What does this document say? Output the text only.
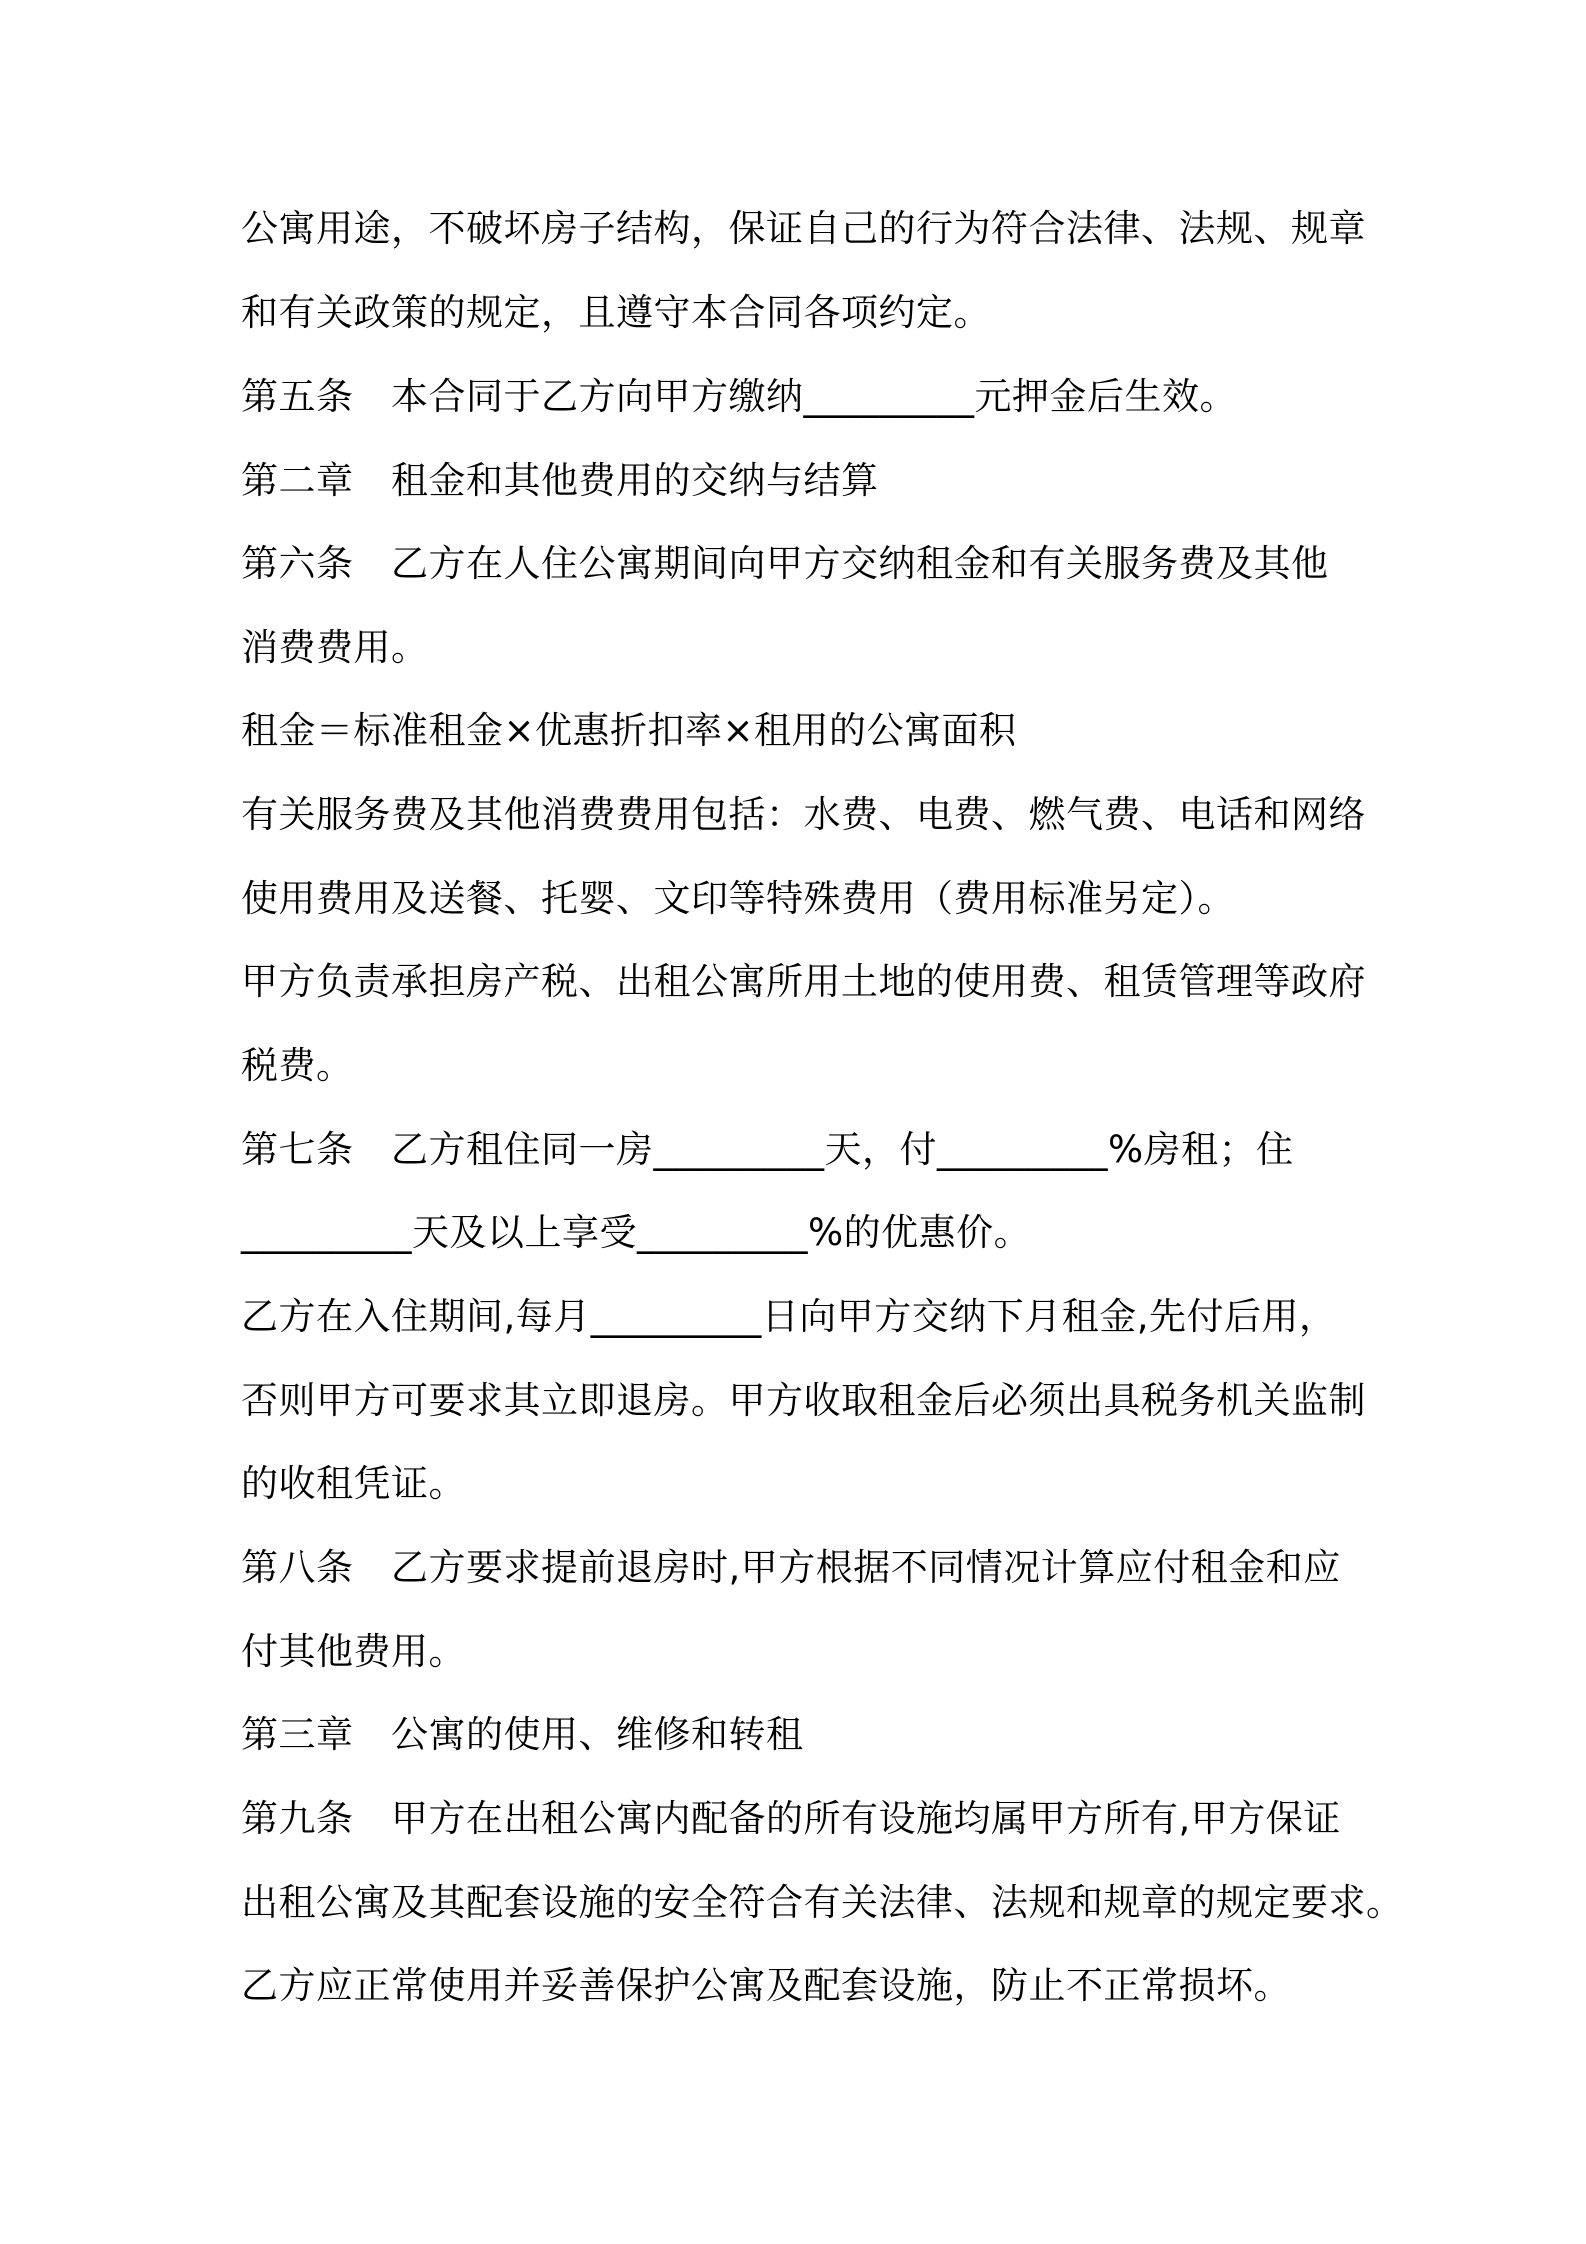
公寓用途，不破坏房子结构，保证自己的行为符合法律、法规、规章
和有关政策的规定，且遵守本合同各项约定。
第五条　本合同于乙方向甲方缴纳_________元押金后生效。
第二章　租金和其他费用的交纳与结算
第六条　乙方在人住公寓期间向甲方交纳租金和有关服务费及其他
消费费用。
租金＝标准租金×优惠折扣率×租用的公寓面积
有关服务费及其他消费费用包括：水费、电费、燃气费、电话和网络
使用费用及送餐、托婴、文印等特殊费用（费用标准另定）。
甲方负责承担房产税、出租公寓所用土地的使用费、租赁管理等政府
税费。
第七条　乙方租住同一房_________天，付_________%房租；住
_________天及以上享受_________%的优惠价。
乙方在入住期间,每月_________日向甲方交纳下月租金,先付后用，
否则甲方可要求其立即退房。甲方收取租金后必须出具税务机关监制
的收租凭证。
第八条　乙方要求提前退房时,甲方根据不同情况计算应付租金和应
付其他费用。
第三章　公寓的使用、维修和转租
第九条　甲方在出租公寓内配备的所有设施均属甲方所有,甲方保证
出租公寓及其配套设施的安全符合有关法律、法规和规章的规定要求。
乙方应正常使用并妥善保护公寓及配套设施，防止不正常损坏。
